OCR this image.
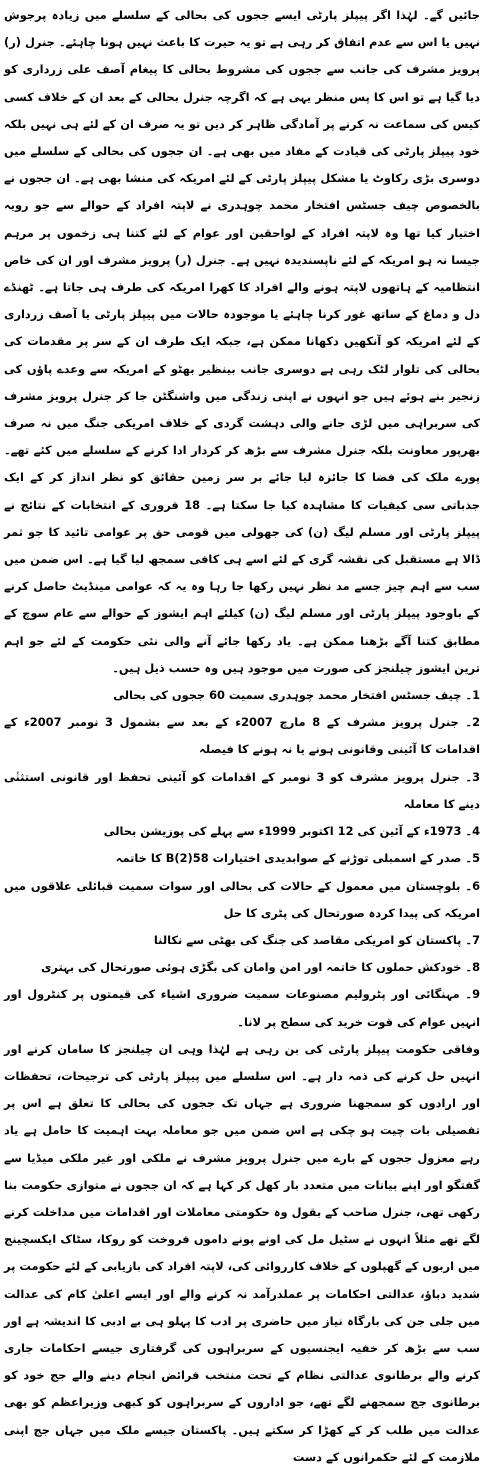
جائیں گے۔ لہٰذا اگر پیپلز پارٹی ایسے ججوں کی بحالی کے سلسلے میں زیادہ پرجوش نہیں یا اس سے عدم اتفاق کر رہی ہے تو یہ حیرت کا باعث نہیں ہونا چاہئے۔ جنرل (ر) پرویز مشرف کی جانب سے ججوں کی مشروط بحالی کا پیغام آصف علی زرداری کو دیا گیا ہے تو اس کا پس منظر یہی ہے کہ اگرچہ جنرل بحالی کے بعد ان کے خلاف کسی کیس کی سماعت نہ کرنے پر آمادگی ظاہر کر دیں تو یہ صرف ان کے لئے ہی نہیں بلکہ خود پیپلز پارٹی کی قیادت کے مفاد میں بھی ہے۔ ان ججوں کی بحالی کے سلسلے میں دوسری بڑی رکاوٹ یا مشکل پیپلز پارٹی کے لئے امریکہ کی منشا بھی ہے۔ ان ججوں نے بالخصوص چیف جسٹس افتخار محمد چوہدری نے لاپتہ افراد کے حوالے سے جو رویہ اختیار کیا تھا وہ لاپتہ افراد کے لواحقین اور عوام کے لئے کتنا ہی زخموں پر مرہم جیسا نہ ہو امریکہ کے لئے ناپسندیدہ نہیں ہے۔ جنرل (ر) پرویز مشرف اور ان کی خاص انتظامیہ کے ہاتھوں لاپتہ ہونے والے افراد کا کھرا امریکہ کی طرف ہی جاتا ہے۔ ٹھنڈے دل و دماغ کے ساتھ غور کرنا چاہئے یا موجودہ حالات میں پیپلز پارٹی یا آصف زرداری کے لئے امریکہ کو آنکھیں دکھانا ممکن ہے، جبکہ ایک طرف ان کے سر پر مقدمات کی بحالی کی تلوار لٹک رہی ہے دوسری جانب بینظیر بھٹو کے امریکہ سے وعدے پاؤں کی زنجیر بنے ہوئے ہیں جو انہوں نے اپنی زندگی میں واشنگٹن جا کر جنرل پرویز مشرف کی سربراہی میں لڑی جانے والی دہشت گردی کے خلاف امریکی جنگ میں نہ صرف بھرپور معاونت بلکہ جنرل مشرف سے بڑھ کر کردار ادا کرنے کے سلسلے میں کئے تھے۔ پورے ملک کی فضا کا جائزہ لیا جائے بر سر زمین حقائق کو نظر انداز کر کے ایک جذباتی سی کیفیات کا مشاہدہ کیا جا سکتا ہے۔ 18 فروری کے انتخابات کے نتائج نے پیپلز پارٹی اور مسلم لیگ (ن) کی جھولی میں قومی حق پر عوامی تائید کا جو ثمر ڈالا ہے مستقبل کی نقشہ گری کے لئے اسے ہی کافی سمجھ لیا گیا ہے۔ اس ضمن میں سب سے اہم چیز جسے مد نظر نہیں رکھا جا رہا وہ یہ کہ عوامی مینڈیٹ حاصل کرنے کے باوجود پیپلز پارٹی اور مسلم لیگ (ن) کیلئے اہم ایشوز کے حوالے سے عام سوچ کے مطابق کتنا آگے بڑھنا ممکن ہے۔ یاد رکھا جائے آنے والی نئی حکومت کے لئے جو اہم ترین ایشوز چیلنجز کی صورت میں موجود ہیں وہ حسب ذیل ہیں۔

1۔ چیف جسٹس افتخار محمد چوہدری سمیت 60 ججوں کی بحالی
2۔ جنرل پرویز مشرف کے 8 مارچ 2007ء کے بعد سے بشمول 3 نومبر 2007ء کے اقدامات کا آئینی وقانونی ہونے یا نہ ہونے کا فیصلہ
3۔ جنرل پرویز مشرف کو 3 نومبر کے اقدامات کو آئینی تحفظ اور قانونی استثنٰی دینے کا معاملہ
4۔ 1973ء کے آئین کی 12 اکتوبر 1999ء سے پہلے کی پوزیشن بحالی
5۔ صدر کے اسمبلی توڑنے کے صوابدیدی اختیارات 58(2)B کا خاتمہ
6۔ بلوچستان میں معمول کے حالات کی بحالی اور سوات سمیت قبائلی علاقوں میں امریکہ کی پیدا کردہ صورتحال کی پٹری کا حل
7۔ پاکستان کو امریکی مقاصد کی جنگ کی بھٹی سے نکالنا
8۔ خودکش حملوں کا خاتمہ اور امن وامان کی بگڑی ہوئی صورتحال کی بہتری
9۔ مہنگائی اور پٹرولیم مصنوعات سمیت ضروری اشیاء کی قیمتوں پر کنٹرول اور انہیں عوام کی قوت خرید کی سطح پر لانا۔

وفاقی حکومت پیپلز پارٹی کی بن رہی ہے لہٰذا وہی ان چیلنجز کا سامان کرنے اور انہیں حل کرنے کی ذمہ دار ہے۔ اس سلسلے میں پیپلز پارٹی کی ترجیحات، تحفظات اور ارادوں کو سمجھنا ضروری ہے جہاں تک ججوں کی بحالی کا تعلق ہے اس پر تفصیلی بات چیت ہو چکی ہے اس ضمن میں جو معاملہ بہت اہمیت کا حامل ہے یاد رہے معزول ججوں کے بارے میں جنرل پرویز مشرف نے ملکی اور غیر ملکی میڈیا سے گفتگو اور اپنے بیانات میں متعدد بار کھل کر کہا ہے کہ ان ججوں نے متوازی حکومت بنا رکھی تھی، جنرل صاحب کے بقول وہ حکومتی معاملات اور اقدامات میں مداخلت کرنے لگے تھے مثلاً انہوں نے سٹیل مل کی اونے پونے داموں فروخت کو روکا، سٹاک ایکسچینج میں اربوں کے گھپلوں کے خلاف کارروائی کی، لاپتہ افراد کی بازیابی کے لئے حکومت پر شدید دباؤ، عدالتی احکامات پر عملدرآمد نہ کرنے والے اور ایسے اعلیٰ کام کی عدالت میں جلی جن کی بارگاہ نیاز میں حاضری پر ادب کا پہلو ہی بے ادبی کا اندیشہ ہے اور سب سے بڑھ کر خفیہ ایجنسیوں کے سربراہوں کی گرفتاری جیسے احکامات جاری کرنے والے برطانوی عدالتی نظام کے تحت منتخب فرائض انجام دینے والے جج خود کو برطانوی جج سمجھنے لگے تھے، جو اداروں کے سربراہوں کو کبھی وزیراعظم کو بھی عدالت میں طلب کر کے کھڑا کر سکتے ہیں۔ پاکستان جیسے ملک میں جہاں جج اپنی ملازمت کے لئے حکمرانوں کے دست
